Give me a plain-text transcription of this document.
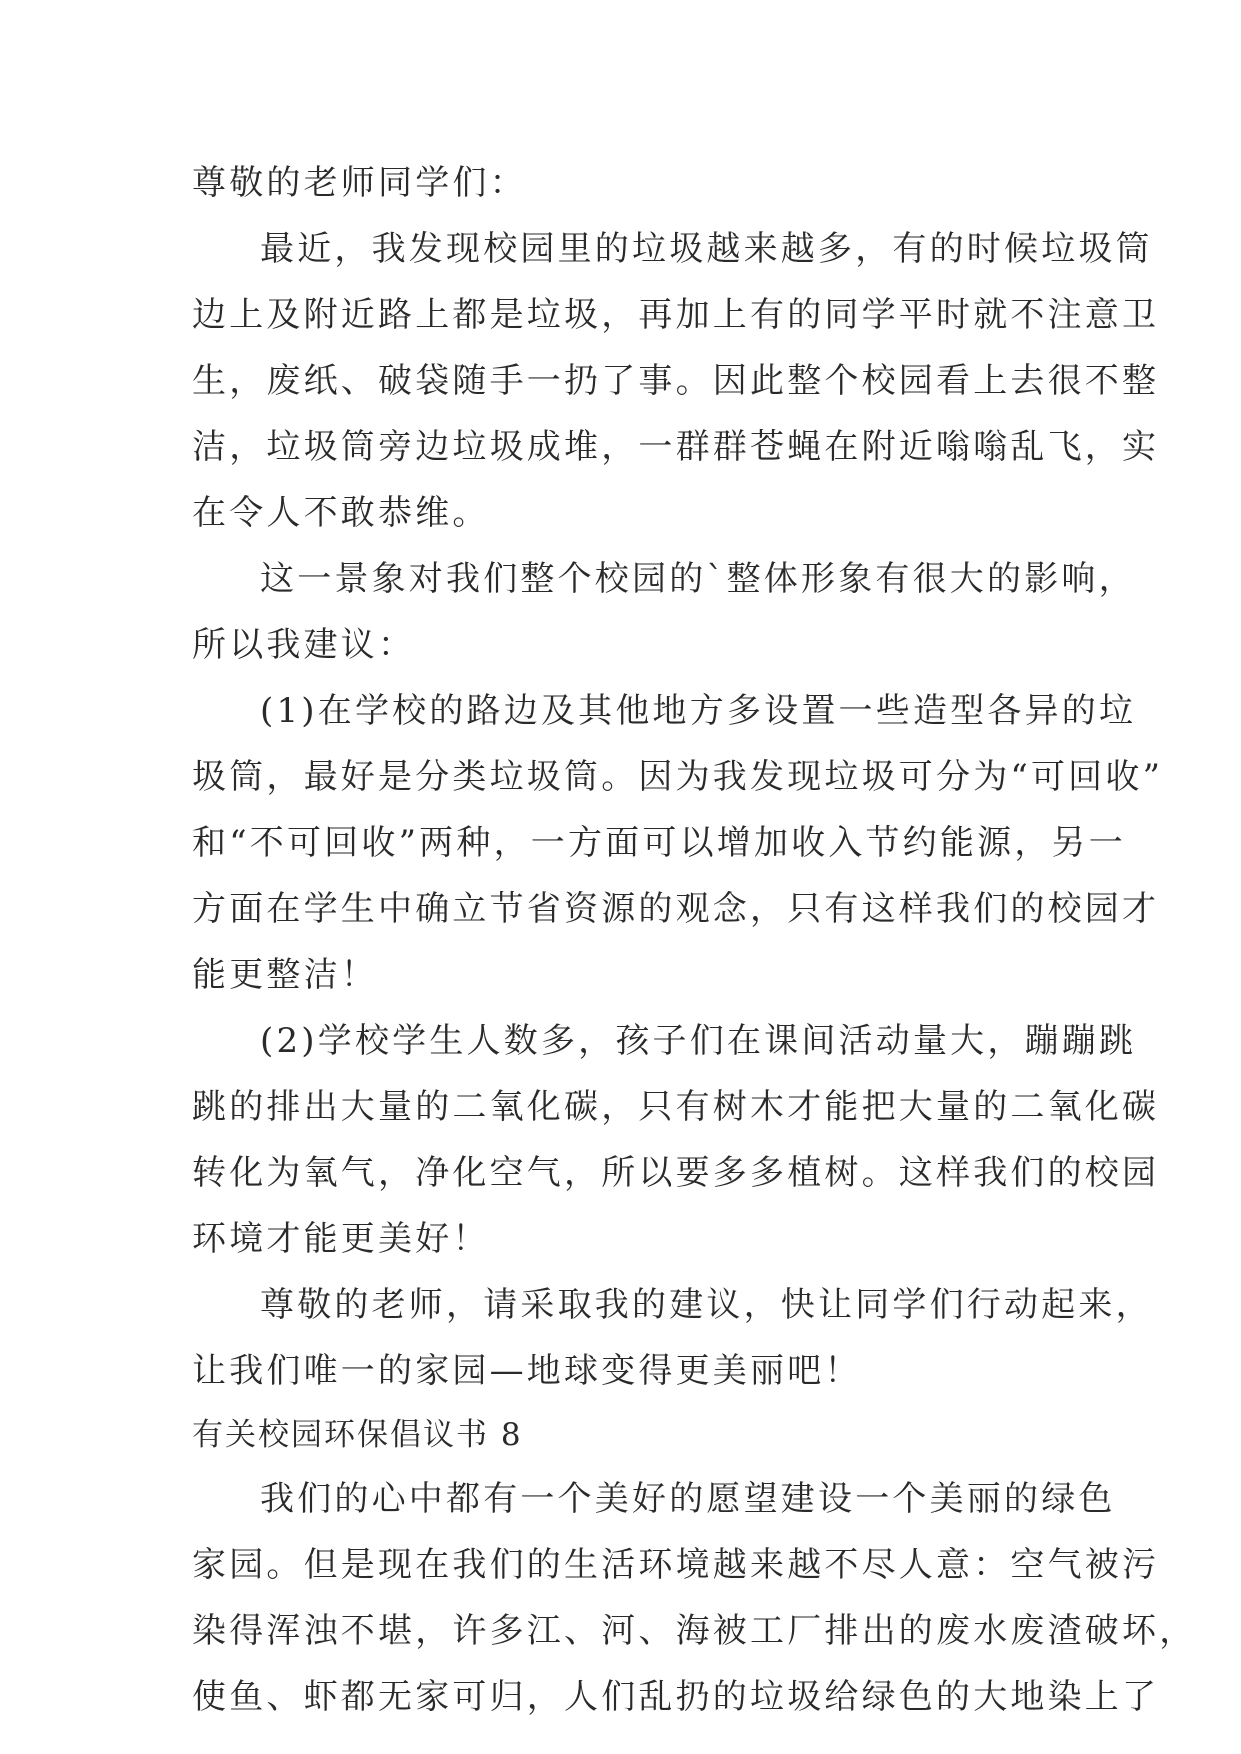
尊敬的老师同学们：
最近，我发现校园里的垃圾越来越多，有的时候垃圾筒
边上及附近路上都是垃圾，再加上有的同学平时就不注意卫
生，废纸、破袋随手一扔了事。因此整个校园看上去很不整
洁，垃圾筒旁边垃圾成堆，一群群苍蝇在附近嗡嗡乱飞，实
在令人不敢恭维。
这一景象对我们整个校园的`整体形象有很大的影响，
所以我建议：
(1)在学校的路边及其他地方多设置一些造型各异的垃
圾筒，最好是分类垃圾筒。因为我发现垃圾可分为“可回收”
和“不可回收”两种，一方面可以增加收入节约能源，另一
方面在学生中确立节省资源的观念，只有这样我们的校园才
能更整洁！
(2)学校学生人数多，孩子们在课间活动量大，蹦蹦跳
跳的排出大量的二氧化碳，只有树木才能把大量的二氧化碳
转化为氧气，净化空气，所以要多多植树。这样我们的校园
环境才能更美好！
尊敬的老师，请采取我的建议，快让同学们行动起来，
让我们唯一的家园—地球变得更美丽吧！
有关校园环保倡议书 8
我们的心中都有一个美好的愿望建设一个美丽的绿色
家园。但是现在我们的生活环境越来越不尽人意：空气被污
染得浑浊不堪，许多江、河、海被工厂排出的废水废渣破坏，
使鱼、虾都无家可归，人们乱扔的垃圾给绿色的大地染上了
